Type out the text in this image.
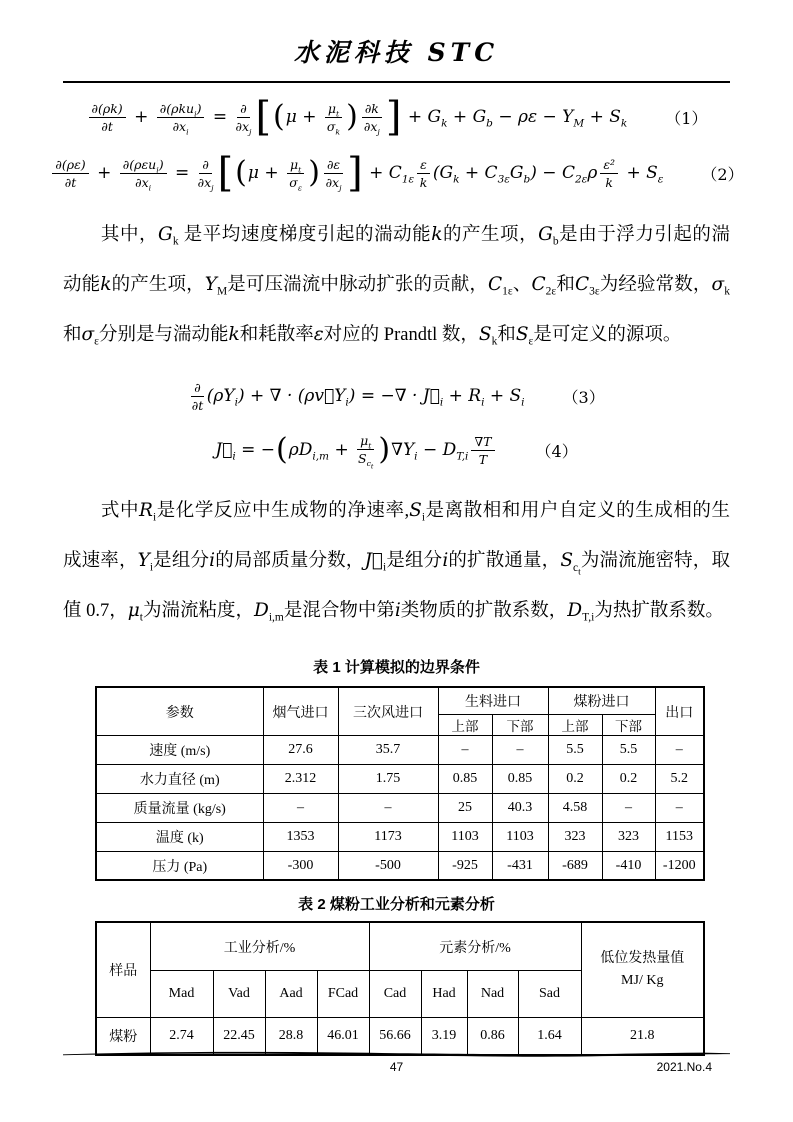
水泥科技 STC
$\frac{\partial(\rho k)}{\partial t} + \frac{\partial(\rho ku_i)}{\partial x_i} = \frac{\partial}{\partial x_j}$ [ ( $\mu + \frac{\mu_t}{\sigma_k}$ ) $\frac{\partial k}{\partial x_j}$ ] + $G_k + G_b - \rho\varepsilon - Y_M + S_k$ （1）
$\frac{\partial(\rho\varepsilon)}{\partial t} + \frac{\partial(\rho\varepsilon u_i)}{\partial x_i} = \frac{\partial}{\partial x_j}$ [ ( $\mu + \frac{\mu_t}{\sigma_\varepsilon}$ ) $\frac{\partial\varepsilon}{\partial x_j}$ ] + $C_{1\varepsilon} \frac{\varepsilon}{k} (G_k + C_{3\varepsilon}G_b) - C_{2\varepsilon}\rho \frac{\text{ε²}}{k} + S_\varepsilon$ （2）

其中，$G_k$ 是平均速度梯度引起的湍动能k的产生项，$G_b$是由于浮力引起的湍动能k的产生项，$Y_M$是可压湍流中脉动扩张的贡献，$C_{1\varepsilon}$、$C_{2\varepsilon}$和$C_{3\varepsilon}$为经验常数，$\sigma_k$和$\sigma_\varepsilon$分别是与湍动能k和耗散率ε对应的 Prandtl 数，$S_k$和$S_\varepsilon$是可定义的源项。

$\frac{\partial}{\partial t} (\rho Y_i)$ + ∇ · $(\rho v⃗Y_i)$ = −∇ · $J⃗_i + R_i + S_i$ （3）
$J⃗_i$ = − ( $\rho D_{i,m} + \frac{\mu_t}{S_{c_t}}$ ) $\nabla Y_i - D_{T,i} \frac{\nabla T}{T}$	（4）

式中$R_i$是化学反应中生成物的净速率$,S_i$是离散相和用户自定义的生成相的生成速率，$Y_i$是组分i的局部质量分数，$J⃗_i$是组分i的扩散通量，$S_{c_t}$为湍流施密特，取值 0.7，$\mu_t$为湍流粘度，$D_{i,m}$是混合物中第i类物质的扩散系数，$D_{T,i}$为热扩散系数。

表 1 计算模拟的边界条件
参数	烟气进口	三次风进口	生料进口		煤粉进口		出口
			上部	下部	上部	下部	
速度 (m/s)	27.6	35.7	–	–	5.5	5.5	–
水力直径 (m)	2.312	1.75	0.85	0.85	0.2	0.2	5.2
质量流量 (kg/s)	–	–	25	40.3	4.58	–	–
温度 (k)	1353	1173	1103	1103	323	323	1153
压力 (Pa)	-300	-500	-925	-431	-689	-410	-1200
表 2 煤粉工业分析和元素分析
样品	工业分析/%				元素分析/%				低位发热量值
MJ/ Kg

	Mad	Vad	Aad	FCad	Cad	Had	Nad	Sad	
煤粉	2.74	22.45	28.8	46.01	56.66	3.19	0.86	1.64	21.8
47	2021.No.4
